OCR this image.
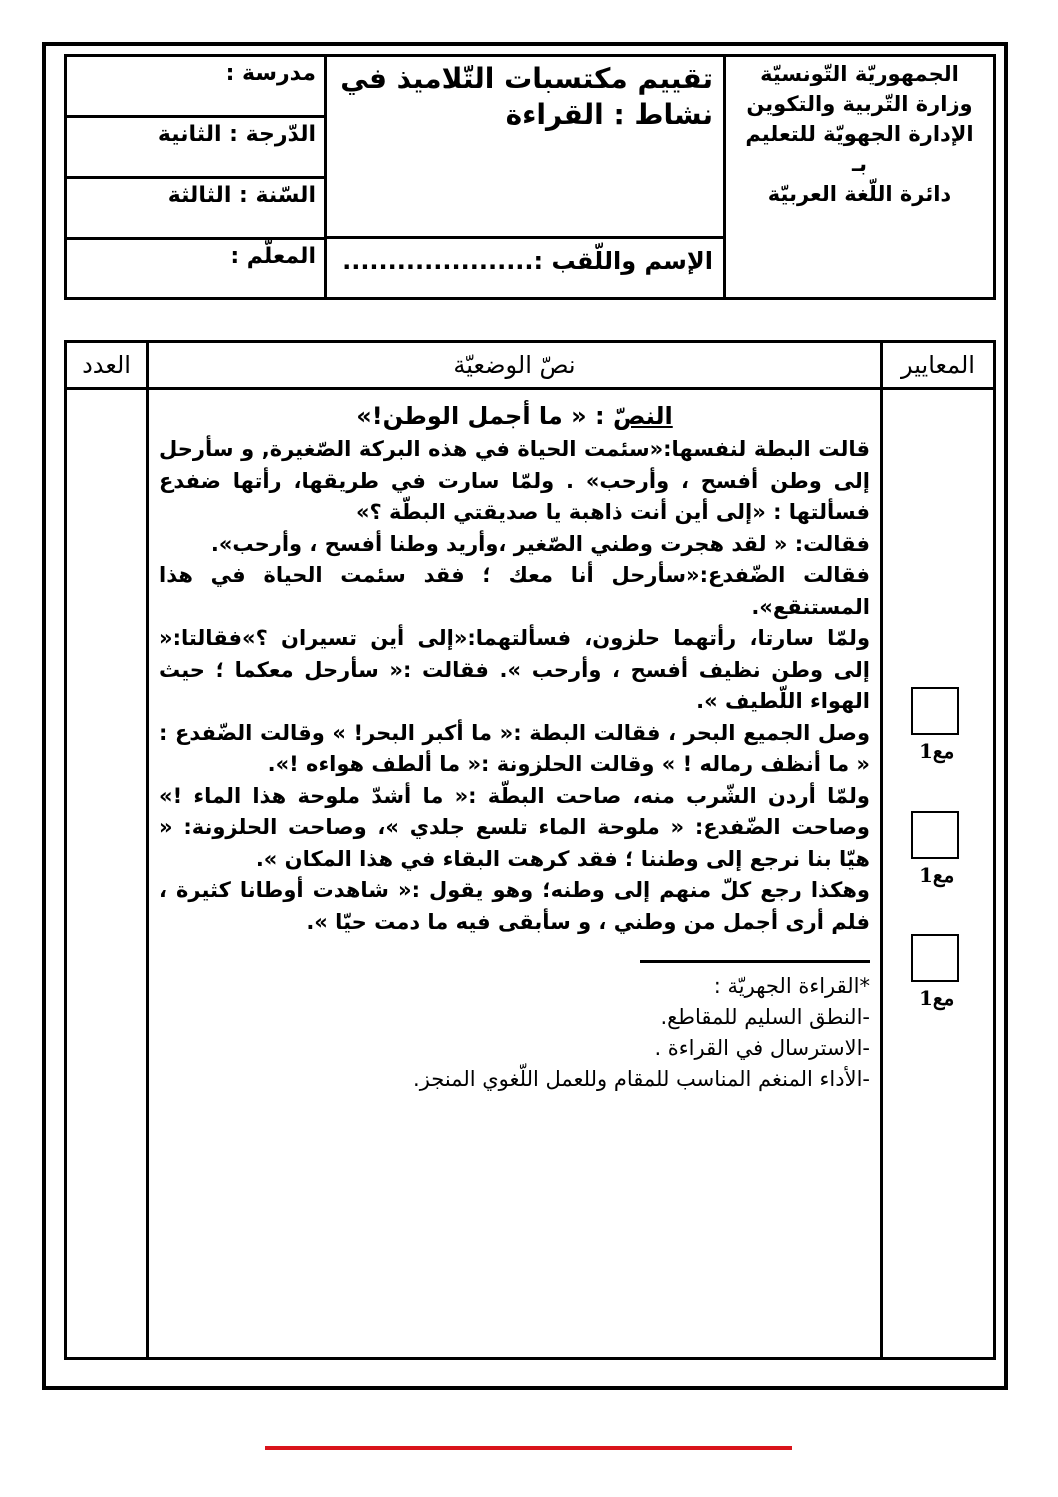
مدرسة :
الدّرجة : الثانية
السّنة : الثالثة
المعلّم :
تقييم مكتسبات التّلاميذ في
نشاط : القراءة
الإسم واللّقب :.....................
الجمهوريّة التّونسيّة
وزارة التّربية والتكوين
الإدارة الجهويّة للتعليم
بـ
دائرة اللّغة العربيّة
العدد	نصّ الوضعيّة
النصّ : « ما أجمل الوطن!»

قالت البطة لنفسها:«سئمت الحياة في هذه البركة الصّغيرة, و سأرحل إلى وطن أفسح ، وأرحب» . ولمّا سارت في طريقها، رأتها ضفدع فسألتها : «إلى أين أنت ذاهبة يا صديقتي البطّة ؟»

فقالت: « لقد هجرت وطني الصّغير ،وأريد وطنا أفسح ، وأرحب».

فقالت الضّفدع:«سأرحل أنا معك ؛ فقد سئمت الحياة في هذا المستنقع».

ولمّا سارتا، رأتهما حلزون، فسألتهما:«إلى أين تسيران ؟»فقالتا:« إلى وطن نظيف أفسح ، وأرحب ». فقالت :« سأرحل معكما ؛ حيث الهواء اللّطيف ».

وصل الجميع البحر ، فقالت البطة :« ما أكبر البحر! » وقالت الضّفدع : « ما أنظف رماله ! » وقالت الحلزونة :« ما ألطف هواءه !».

ولمّا أردن الشّرب منه، صاحت البطّة :« ما أشدّ ملوحة هذا الماء !» وصاحت الضّفدع: « ملوحة الماء تلسع جلدي »، وصاحت الحلزونة: « هيّا بنا نرجع إلى وطننا ؛ فقد كرهت البقاء في هذا المكان ».

وهكذا رجع كلّ منهم إلى وطنه؛ وهو يقول :« شاهدت أوطانا كثيرة ، فلم أرى أجمل من وطني ، و سأبقى فيه ما دمت حيّا ».

*القراءة الجهريّة :

-النطق السليم للمقاطع.

-الاسترسال في القراءة .

-الأداء المنغم المناسب للمقام وللعمل اللّغوي المنجز.

المعايير
مع1
مع1
مع1
